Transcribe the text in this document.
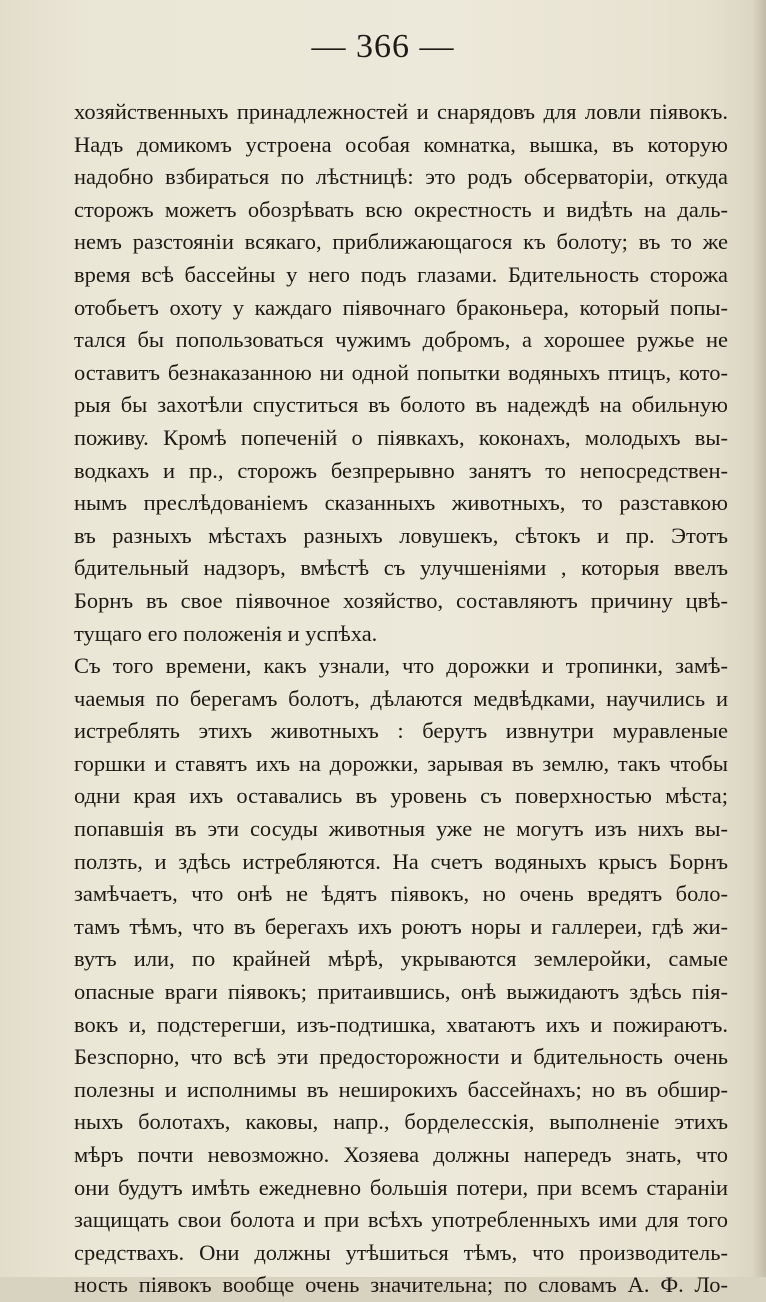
— 366 —
хозяйственныхъ принадлежностей и снарядовъ для ловли піявокъ.
Надъ домикомъ устроена особая комнатка, вышка, въ которую
надобно взбираться по лѣстницѣ: это родъ обсерваторіи, откуда
сторожъ можетъ обозрѣвать всю окрестность и видѣть на даль-
немъ разстояніи всякаго, приближающагося къ болоту; въ то же
время всѣ бассейны у него подъ глазами. Бдительность сторожа
отобьетъ охоту у каждаго піявочнаго браконьера, который попы-
тался бы попользоваться чужимъ добромъ, а хорошее ружье не
оставитъ безнаказанною ни одной попытки водяныхъ птицъ, кото-
рыя бы захотѣли спуститься въ болото въ надеждѣ на обильную
поживу. Кромѣ попеченій о піявкахъ, коконахъ, молодыхъ вы-
водкахъ и пр., сторожъ безпрерывно занятъ то непосредствен-
нымъ преслѣдованіемъ сказанныхъ животныхъ, то разставкою
въ разныхъ мѣстахъ разныхъ ловушекъ, сѣтокъ и пр. Этотъ
бдительный надзоръ, вмѣстѣ съ улучшеніями , которыя ввелъ
Борнъ въ свое піявочное хозяйство, составляютъ причину цвѣ-
тущаго его положенія и успѣха.
Съ того времени, какъ узнали, что дорожки и тропинки, замѣ-
чаемыя по берегамъ болотъ, дѣлаются медвѣдками, научились и
истреблять этихъ животныхъ : берутъ извнутри муравленые
горшки и ставятъ ихъ на дорожки, зарывая въ землю, такъ чтобы
одни края ихъ оставались въ уровень съ поверхностью мѣста;
попавшія въ эти сосуды животныя уже не могутъ изъ нихъ вы-
ползть, и здѣсь истребляются. На счетъ водяныхъ крысъ Борнъ
замѣчаетъ, что онѣ не ѣдятъ піявокъ, но очень вредятъ боло-
тамъ тѣмъ, что въ берегахъ ихъ роютъ норы и галлереи, гдѣ жи-
вутъ или, по крайней мѣрѣ, укрываются землеройки, самые
опасные враги піявокъ; притаившись, онѣ выжидаютъ здѣсь пія-
вокъ и, подстерегши, изъ-подтишка, хватаютъ ихъ и пожираютъ.
Безспорно, что всѣ эти предосторожности и бдительность очень
полезны и исполнимы въ неширокихъ бассейнахъ; но въ обшир-
ныхъ болотахъ, каковы, напр., борделесскія, выполненіе этихъ
мѣръ почти невозможно. Хозяева должны напередъ знать, что
они будутъ имѣть ежедневно большія потери, при всемъ стараніи
защищать свои болота и при всѣхъ употребленныхъ ими для того
средствахъ. Они должны утѣшиться тѣмъ, что производитель-
ность піявокъ вообще очень значительна; по словамъ А. Ф. Ло-
